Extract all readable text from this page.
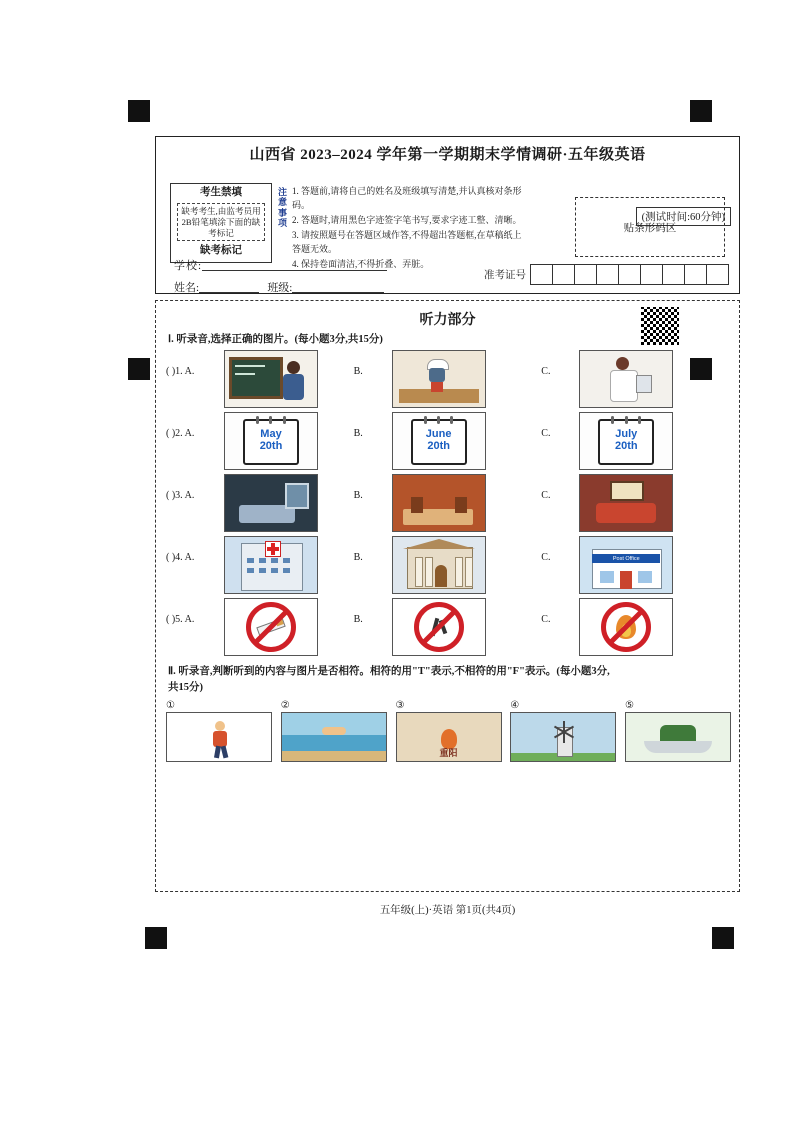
山西省 2023–2024 学年第一学期期末学情调研·五年级英语
(测试时间:60分钟)
考生禁填
缺考考生,由监考员用2B铅笔填涂下面的缺考标记
缺考标记
注意事项
1. 答题前,请将自己的姓名及班级填写清楚,并认真核对条形码。
2. 答题时,请用黑色字迹签字笔书写,要求字迹工整、清晰。
3. 请按照题号在答题区域作答,不得超出答题框,在草稿纸上答题无效。
4. 保持卷面清洁,不得折叠、弄脏。
贴条形码区
学校:
姓名:	班级:
准考证号
听力部分
Ⅰ. 听录音,选择正确的图片。(每小题3分,共15分)
( )1. A.	B.	C.
( )2. A.	May
20th
B.	June
20th
C.	July
20th
( )3. A.	B.	C.
( )4. A.	B.	C.	Post Office
( )5. A.	B.	C.
Ⅱ. 听录音,判断听到的内容与图片是否相符。相符的用"T"表示,不相符的用"F"表示。(每小题3分,
共15分)
①	②	③
重阳
④	⑤
五年级(上)·英语 第1页(共4页)
